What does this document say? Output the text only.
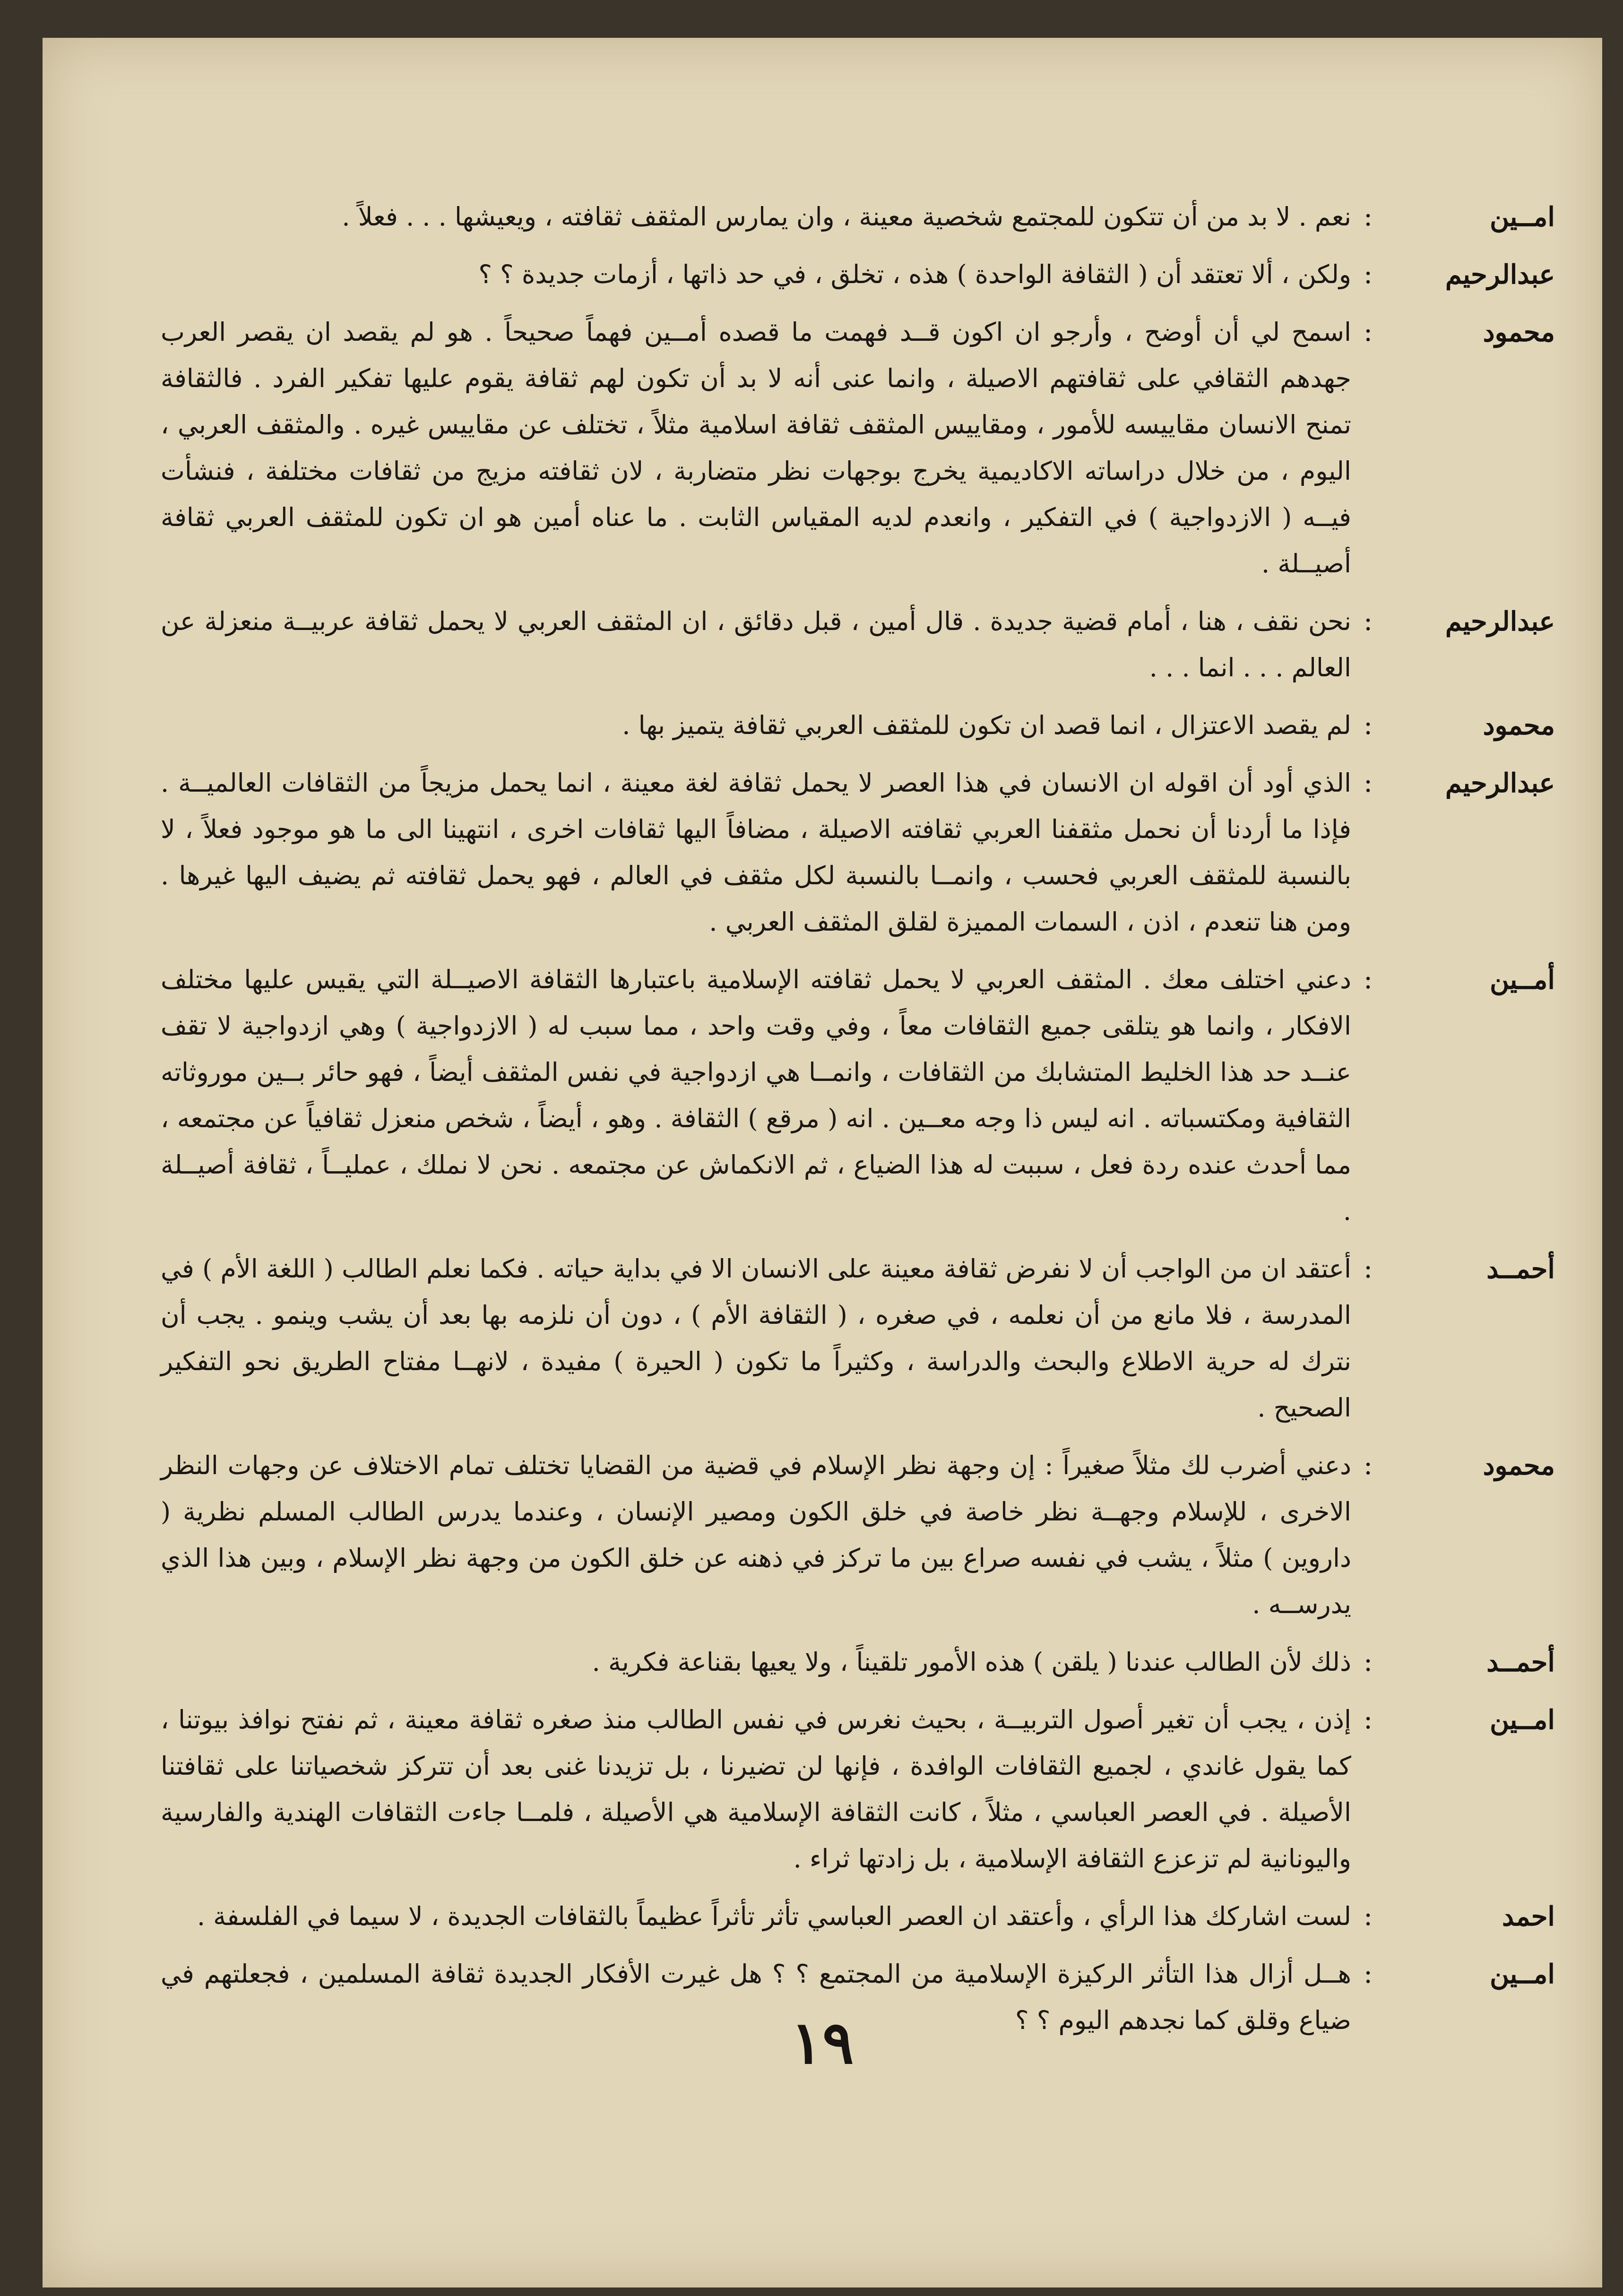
امــين
:
نعم . لا بد من أن تتكون للمجتمع شخصية معينة ، وان يمارس المثقف ثقافته ، ويعيشها . . . فعلاً .
عبدالرحيم
:
ولكن ، ألا تعتقد أن ( الثقافة الواحدة ) هذه ، تخلق ، في حد ذاتها ، أزمات جديدة ؟ ؟
محمود
:
اسمح لي أن أوضح ، وأرجو ان اكون قــد فهمت ما قصده أمــين فهماً صحيحاً . هو لم يقصد ان يقصر العرب جهدهم الثقافي على ثقافتهم الاصيلة ، وانما عنى أنه لا بد أن تكون لهم ثقافة يقوم عليها تفكير الفرد . فالثقافة تمنح الانسان مقاييسه للأمور ، ومقاييس المثقف ثقافة اسلامية مثلاً ، تختلف عن مقاييس غيره . والمثقف العربي ، اليوم ، من خلال دراساته الاكاديمية يخرج بوجهات نظر متضاربة ، لان ثقافته مزيج من ثقافات مختلفة ، فنشأت فيــه ( الازدواجية ) في التفكير ، وانعدم لديه المقياس الثابت . ما عناه أمين هو ان تكون للمثقف العربي ثقافة أصيــلة .
عبدالرحيم
:
نحن نقف ، هنا ، أمام قضية جديدة . قال أمين ، قبل دقائق ، ان المثقف العربي لا يحمل ثقافة عربيــة منعزلة عن العالم . . . انما . . .
محمود
:
لم يقصد الاعتزال ، انما قصد ان تكون للمثقف العربي ثقافة يتميز بها .
عبدالرحيم
:
الذي أود أن اقوله ان الانسان في هذا العصر لا يحمل ثقافة لغة معينة ، انما يحمل مزيجاً من الثقافات العالميــة . فإذا ما أردنا أن نحمل مثقفنا العربي ثقافته الاصيلة ، مضافاً اليها ثقافات اخرى ، انتهينا الى ما هو موجود فعلاً ، لا بالنسبة للمثقف العربي فحسب ، وانمــا بالنسبة لكل مثقف في العالم ، فهو يحمل ثقافته ثم يضيف اليها غيرها . ومن هنا تنعدم ، اذن ، السمات المميزة لقلق المثقف العربي .
أمــين
:
دعني اختلف معك . المثقف العربي لا يحمل ثقافته الإسلامية باعتبارها الثقافة الاصيــلة التي يقيس عليها مختلف الافكار ، وانما هو يتلقى جميع الثقافات معاً ، وفي وقت واحد ، مما سبب له ( الازدواجية ) وهي ازدواجية لا تقف عنــد حد هذا الخليط المتشابك من الثقافات ، وانمــا هي ازدواجية في نفس المثقف أيضاً ، فهو حائر بــين موروثاته الثقافية ومكتسباته . انه ليس ذا وجه معــين . انه ( مرقع ) الثقافة . وهو ، أيضاً ، شخص منعزل ثقافياً عن مجتمعه ، مما أحدث عنده ردة فعل ، سببت له هذا الضياع ، ثم الانكماش عن مجتمعه . نحن لا نملك ، عمليــاً ، ثقافة أصيــلة .
أحمــد
:
أعتقد ان من الواجب أن لا نفرض ثقافة معينة على الانسان الا في بداية حياته . فكما نعلم الطالب ( اللغة الأم ) في المدرسة ، فلا مانع من أن نعلمه ، في صغره ، ( الثقافة الأم ) ، دون أن نلزمه بها بعد أن يشب وينمو . يجب أن نترك له حرية الاطلاع والبحث والدراسة ، وكثيراً ما تكون ( الحيرة ) مفيدة ، لانهــا مفتاح الطريق نحو التفكير الصحيح .
محمود
:
دعني أضرب لك مثلاً صغيراً : إن وجهة نظر الإسلام في قضية من القضايا تختلف تمام الاختلاف عن وجهات النظر الاخرى ، للإسلام وجهــة نظر خاصة في خلق الكون ومصير الإنسان ، وعندما يدرس الطالب المسلم نظرية ( داروين ) مثلاً ، يشب في نفسه صراع بين ما تركز في ذهنه عن خلق الكون من وجهة نظر الإسلام ، وبين هذا الذي يدرســه .
أحمــد
:
ذلك لأن الطالب عندنا ( يلقن ) هذه الأمور تلقيناً ، ولا يعيها بقناعة فكرية .
امــين
:
إذن ، يجب أن تغير أصول التربيــة ، بحيث نغرس في نفس الطالب منذ صغره ثقافة معينة ، ثم نفتح نوافذ بيوتنا ، كما يقول غاندي ، لجميع الثقافات الوافدة ، فإنها لن تضيرنا ، بل تزيدنا غنى بعد أن تتركز شخصياتنا على ثقافتنا الأصيلة . في العصر العباسي ، مثلاً ، كانت الثقافة الإسلامية هي الأصيلة ، فلمــا جاءت الثقافات الهندية والفارسية واليونانية لم تزعزع الثقافة الإسلامية ، بل زادتها ثراء .
احمد
:
لست اشاركك هذا الرأي ، وأعتقد ان العصر العباسي تأثر تأثراً عظيماً بالثقافات الجديدة ، لا سيما في الفلسفة .
امــين
:
هــل أزال هذا التأثر الركيزة الإسلامية من المجتمع ؟ ؟ هل غيرت الأفكار الجديدة ثقافة المسلمين ، فجعلتهم في ضياع وقلق كما نجدهم اليوم ؟ ؟
١٩
